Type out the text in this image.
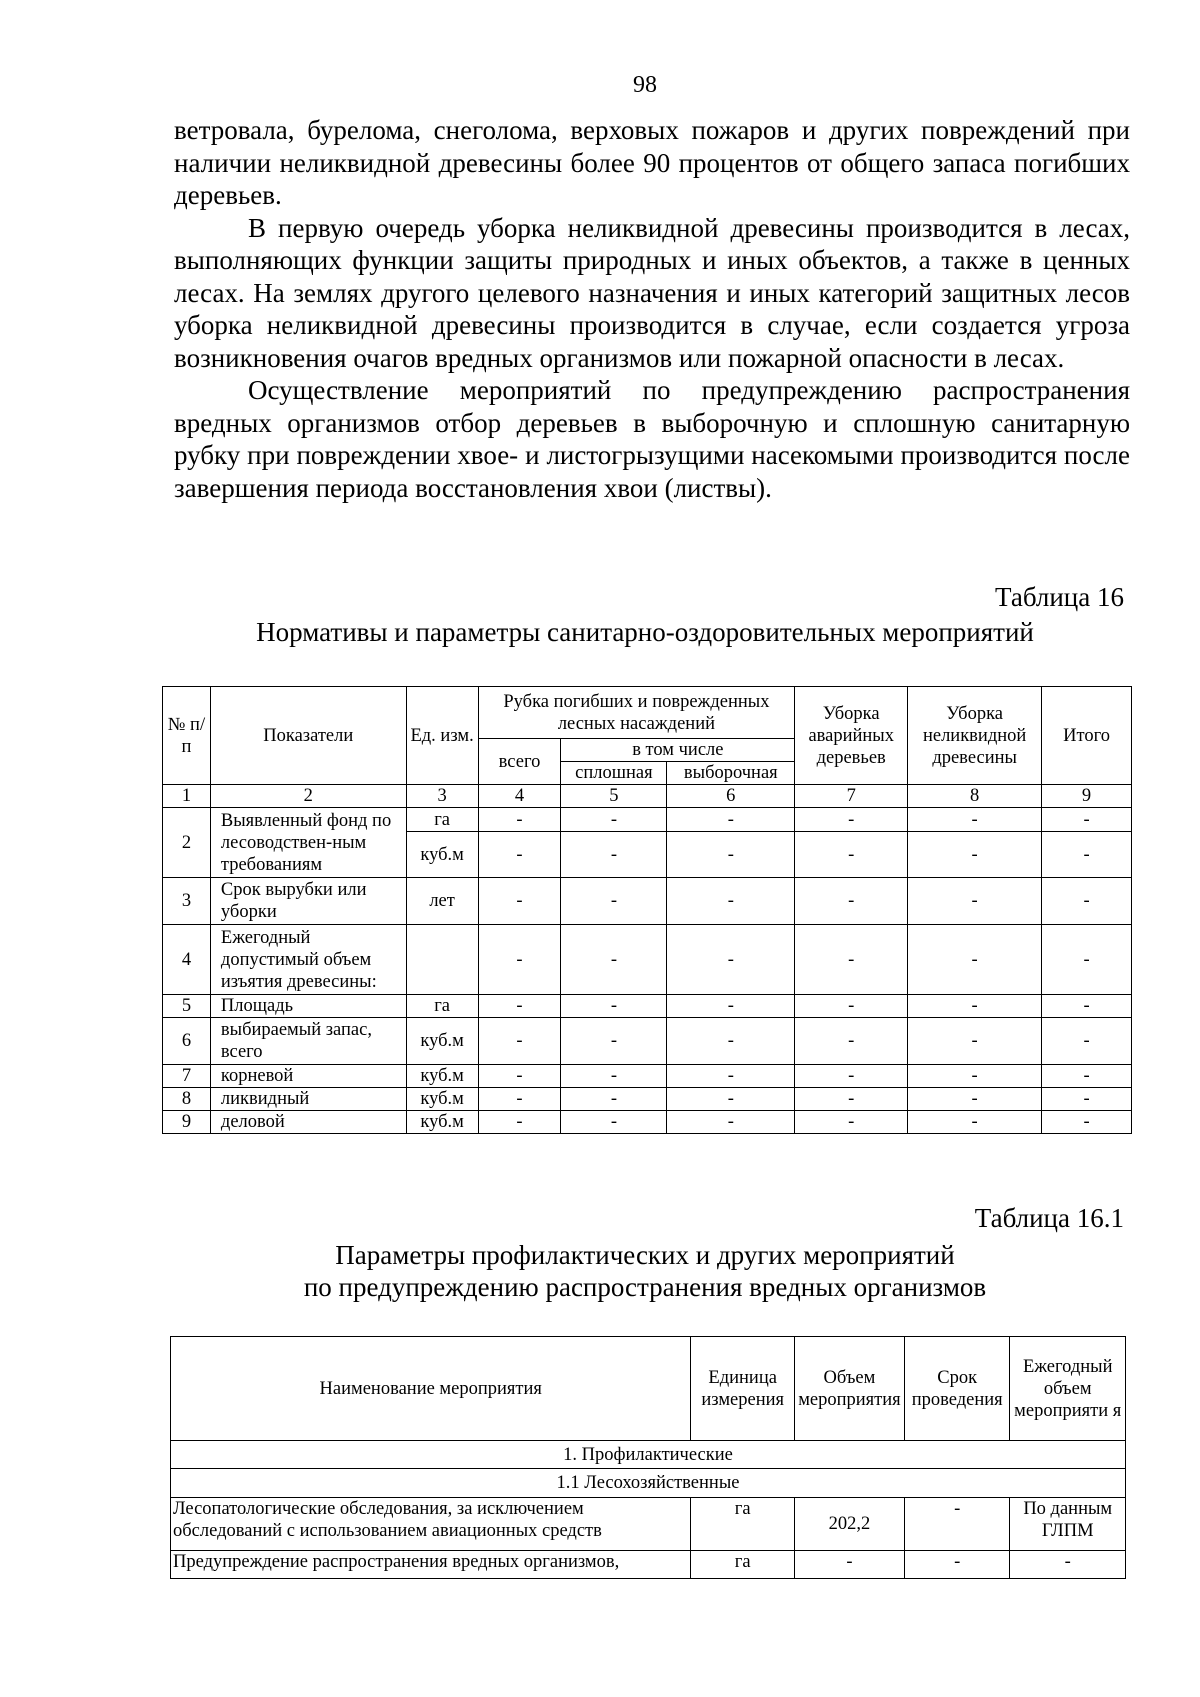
98

ветровала, бурелома, снеголома, верховых пожаров и других повреждений при наличии неликвидной древесины более 90 процентов от общего запаса погибших деревьев.

В первую очередь уборка неликвидной древесины производится в лесах, выполняющих функции защиты природных и иных объектов, а также в ценных лесах. На землях другого целевого назначения и иных категорий защитных лесов уборка неликвидной древесины производится в случае, если создается угроза возникновения очагов вредных организмов или пожарной опасности в лесах.

Осуществление мероприятий по предупреждению распространения вредных организмов отбор деревьев в выборочную и сплошную санитарную рубку при повреждении хвое- и листогрызущими насекомыми производится после завершения периода восстановления хвои (листвы).

Таблица 16
Нормативы и параметры санитарно-оздоровительных мероприятий
№ п/п	Показатели	Ед. изм.	Рубка погибших и поврежденных лесных насаждений			Уборка аварийных деревьев	Уборка неликвидной древесины	Итого
			всего	в том числе				
				сплошная	выборочная			
1	2	3	4	5	6	7	8	9
2	Выявленный фонд по лесоводствен-ным требованиям	га	-	-	-	-	-	-
		куб.м	-	-	-	-	-	-
3	Срок вырубки или уборки	лет	-	-	-	-	-	-
4	Ежегодный допустимый объем изъятия древесины:		-	-	-	-	-	-
5	Площадь	га	-	-	-	-	-	-
6	выбираемый запас, всего	куб.м	-	-	-	-	-	-
7	корневой	куб.м	-	-	-	-	-	-
8	ликвидный	куб.м	-	-	-	-	-	-
9	деловой	куб.м	-	-	-	-	-	-
Таблица 16.1
Параметры профилактических и других мероприятий
по предупреждению распространения вредных организмов
Наименование мероприятия	Единица измерения	Объем мероприятия	Срок проведения	Ежегодный объем мероприяти я
1. Профилактические				
1.1 Лесохозяйственные				
Лесопатологические обследования, за исключением обследований с использованием авиационных средств	га	202,2	-	По данным ГЛПМ
Предупреждение распространения вредных организмов,	га	-	-	-
